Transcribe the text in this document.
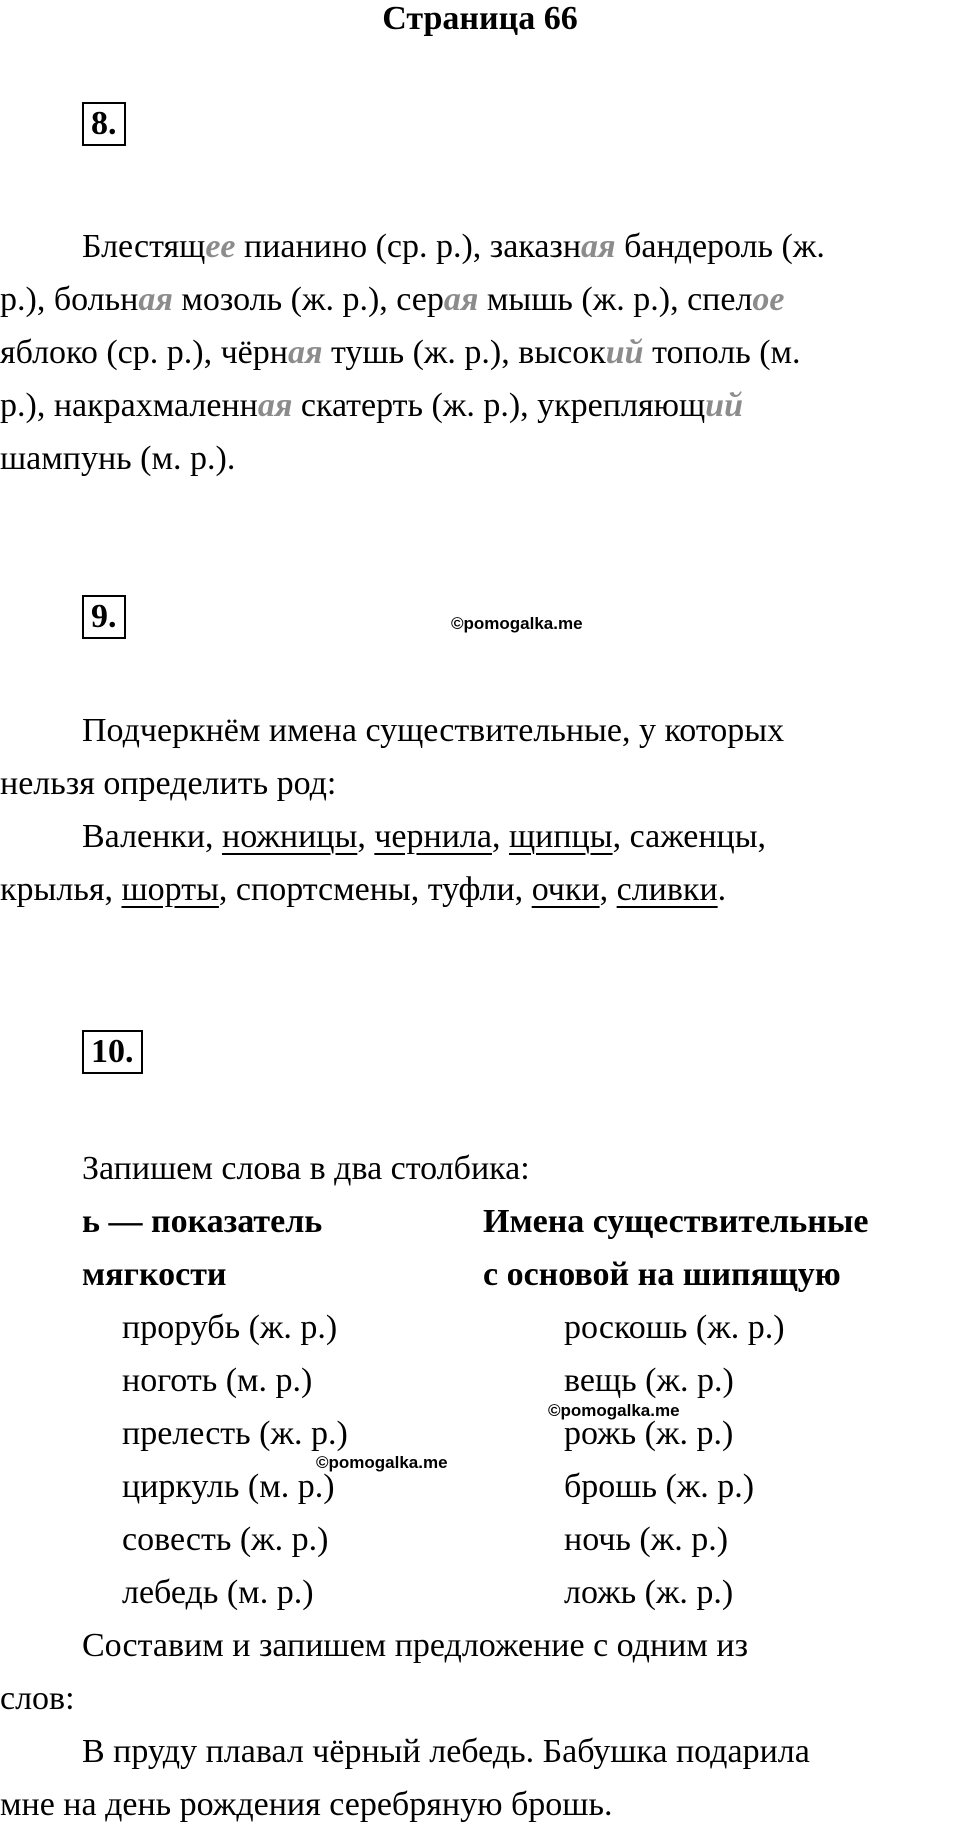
Страница 66
8.
Блестящее пианино (ср. р.), заказная бандероль (ж.
р.), больная мозоль (ж. р.), серая мышь (ж. р.), спелое
яблоко (ср. р.), чёрная тушь (ж. р.), высокий тополь (м.
р.), накрахмаленная скатерть (ж. р.), укрепляющий
шампунь (м. р.).
9.	©pomogalka.me
Подчеркнём имена существительные, у которых
нельзя определить род:
Валенки, ножницы, чернила, щипцы, саженцы,
крылья, шорты, спортсмены, туфли, очки, сливки.
10.
Запишем слова в два столбика:
ь — показатель
мягкости
Имена существительные
с основой на шипящую
прорубь (ж. р.)
ноготь (м. р.)
прелесть (ж. р.)
циркуль (м. р.)
совесть (ж. р.)
лебедь (м. р.)
роскошь (ж. р.)
вещь (ж. р.)
рожь (ж. р.)
брошь (ж. р.)
ночь (ж. р.)
ложь (ж. р.)
©pomogalka.me
©pomogalka.me
Составим и запишем предложение с одним из
слов:
В пруду плавал чёрный лебедь. Бабушка подарила
мне на день рождения серебряную брошь.
